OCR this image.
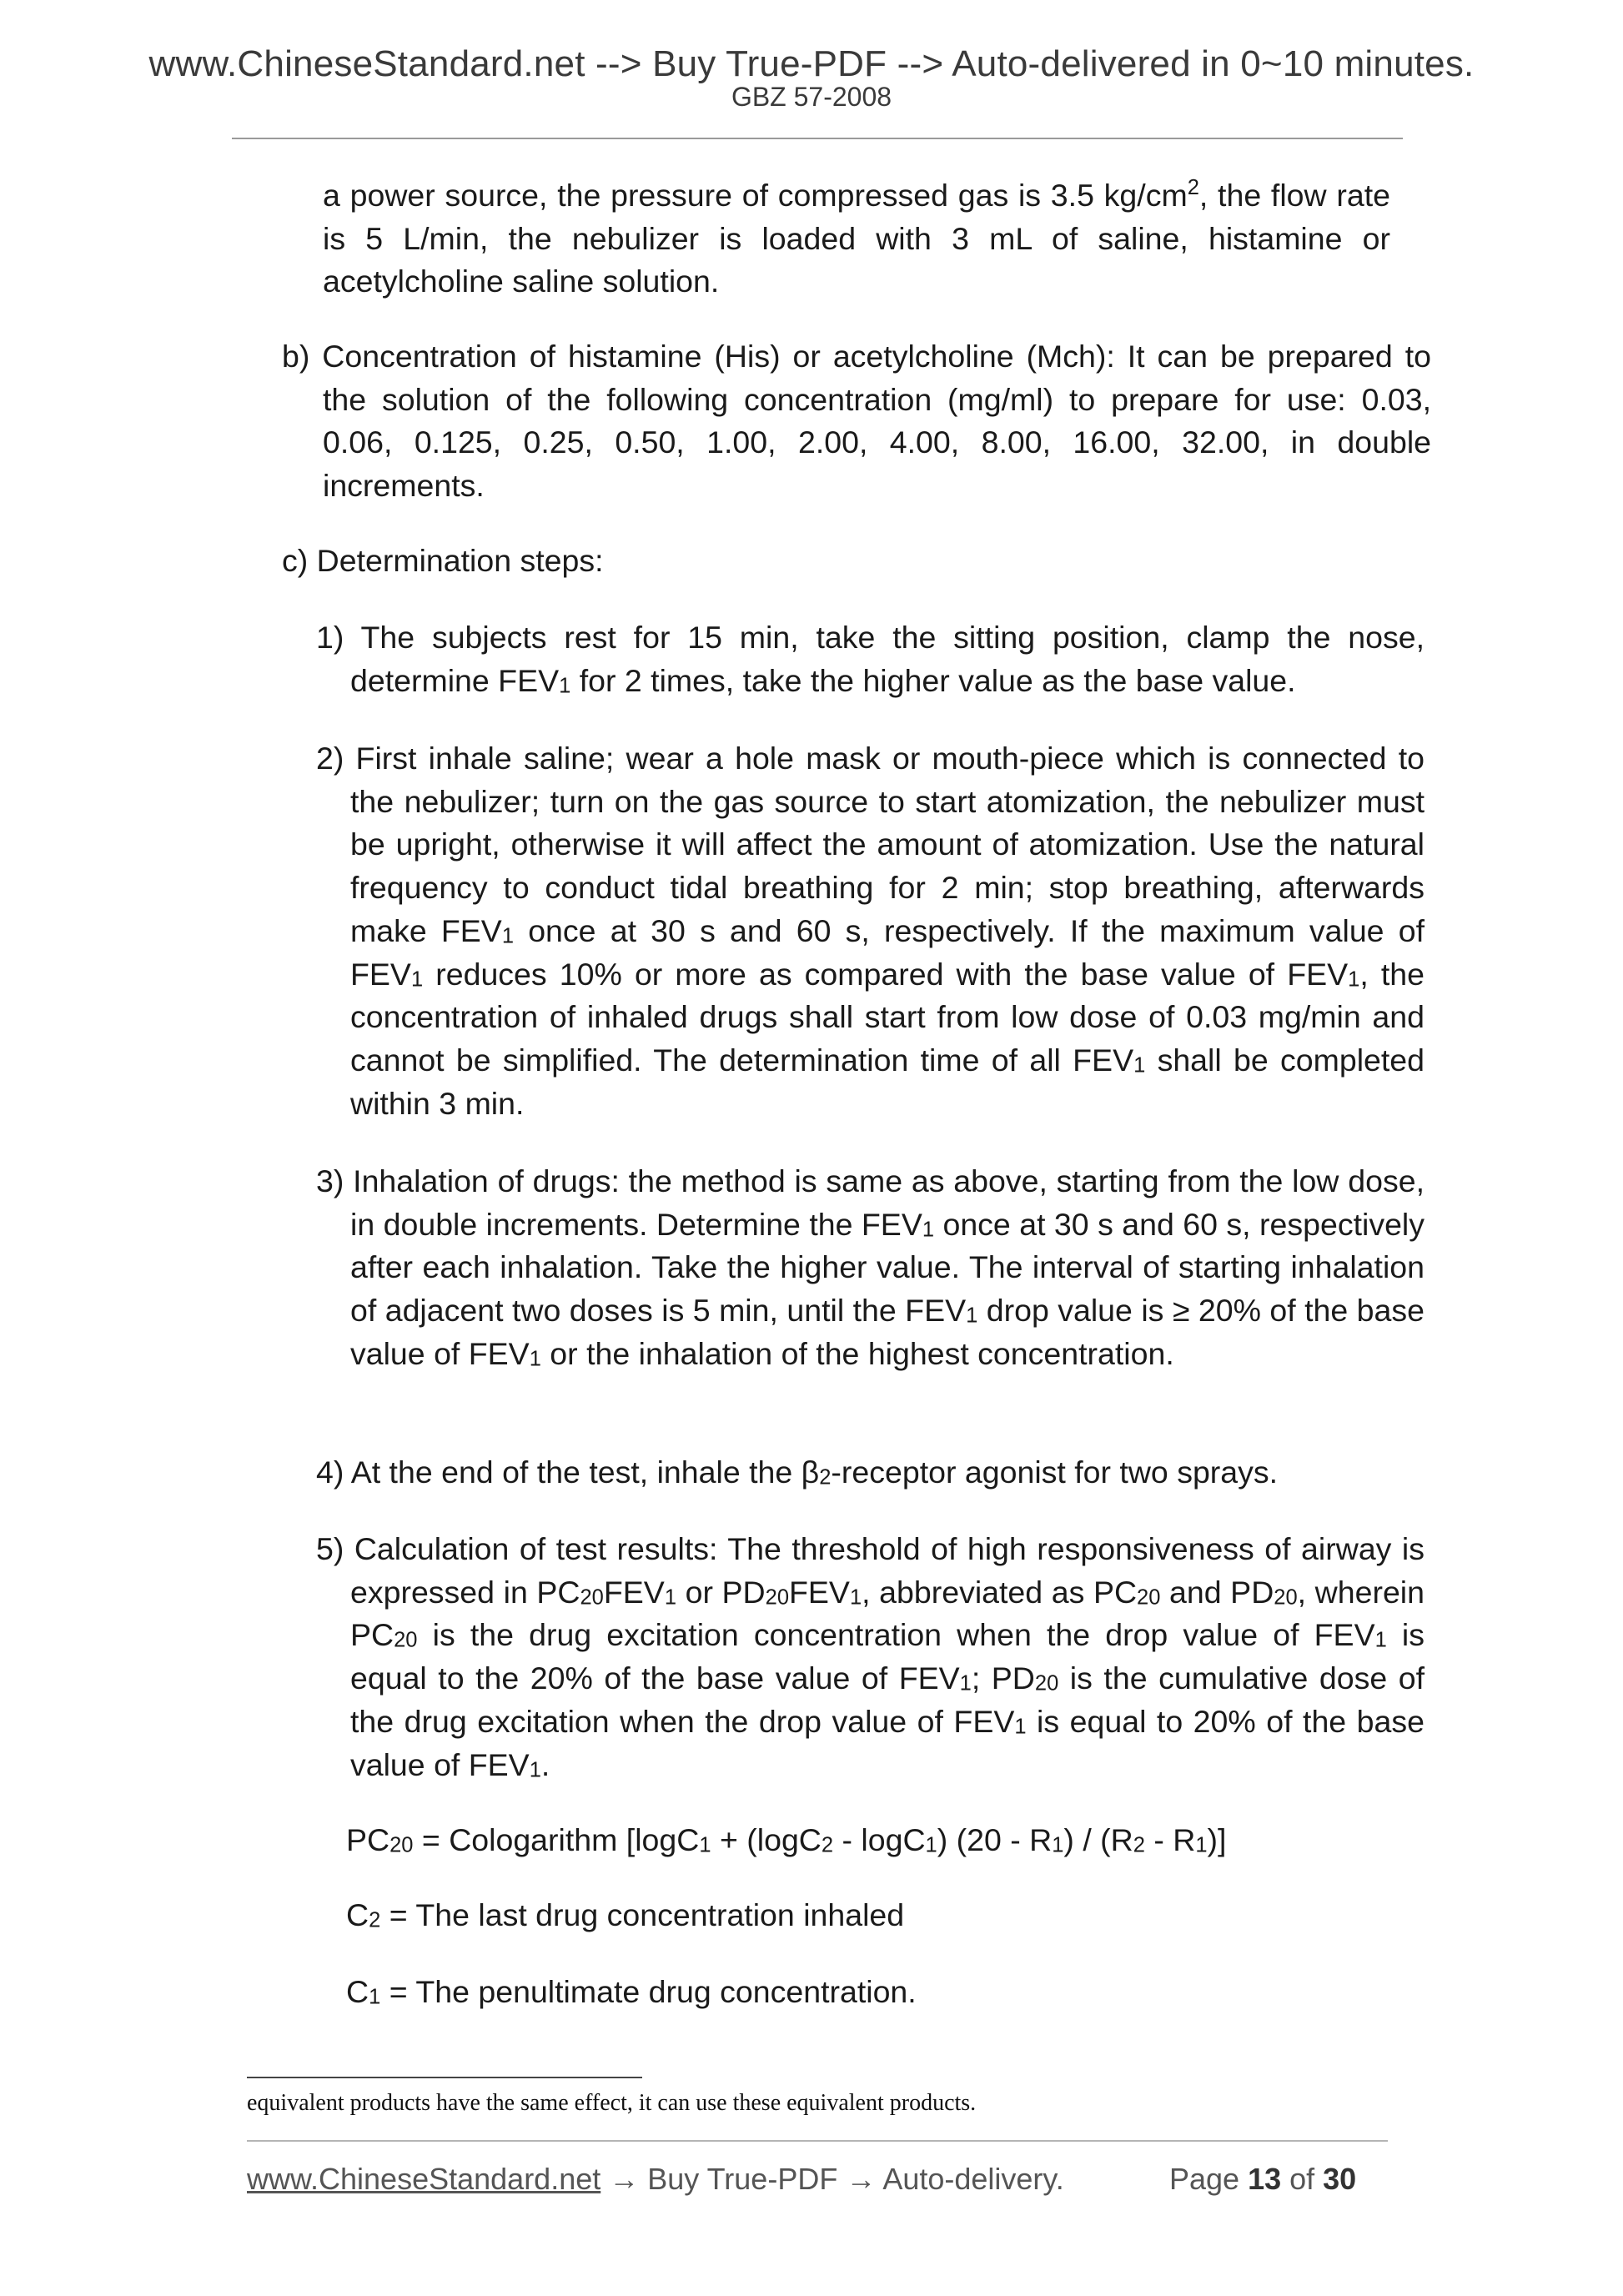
www.ChineseStandard.net --> Buy True-PDF --> Auto-delivered in 0~10 minutes.
GBZ 57-2008
a power source, the pressure of compressed gas is 3.5 $kg/cm^2$, the flow rate is 5 L/min, the nebulizer is loaded with 3 mL of saline, histamine or acetylcholine saline solution.
b) Concentration of histamine (His) or acetylcholine (Mch): It can be prepared to the solution of the following concentration (mg/ml) to prepare for use: 0.03, 0.06, 0.125, 0.25, 0.50, 1.00, 2.00, 4.00, 8.00, 16.00, 32.00, in double increments.
c) Determination steps:
1) The subjects rest for 15 min, take the sitting position, clamp the nose, determine FEV1 for 2 times, take the higher value as the base value.
2) First inhale saline; wear a hole mask or mouth-piece which is connected to the nebulizer; turn on the gas source to start atomization, the nebulizer must be upright, otherwise it will affect the amount of atomization. Use the natural frequency to conduct tidal breathing for 2 min; stop breathing, afterwards make FEV1 once at 30 s and 60 s, respectively. If the maximum value of FEV1 reduces 10% or more as compared with the base value of FEV1, the concentration of inhaled drugs shall start from low dose of 0.03 mg/min and cannot be simplified. The determination time of all FEV1 shall be completed within 3 min.
3) Inhalation of drugs: the method is same as above, starting from the low dose, in double increments. Determine the FEV1 once at 30 s and 60 s, respectively after each inhalation. Take the higher value. The interval of starting inhalation of adjacent two doses is 5 min, until the FEV1 drop value is ≥ 20% of the base value of FEV1 or the inhalation of the highest concentration.
4) At the end of the test, inhale the β2-receptor agonist for two sprays.
5) Calculation of test results: The threshold of high responsiveness of airway is expressed in PC20FEV1 or PD20FEV1, abbreviated as PC20 and PD20, wherein PC20 is the drug excitation concentration when the drop value of FEV1 is equal to the 20% of the base value of FEV1; PD20 is the cumulative dose of the drug excitation when the drop value of FEV1 is equal to 20% of the base value of FEV1.
PC20 = Cologarithm [logC1 + (logC2 - logC1) (20 - R1) / (R2 - R1)]
C2 = The last drug concentration inhaled
C1 = The penultimate drug concentration.
equivalent products have the same effect, it can use these equivalent products.
www.ChineseStandard.net → Buy True-PDF → Auto-delivery.	Page 13 of 30
